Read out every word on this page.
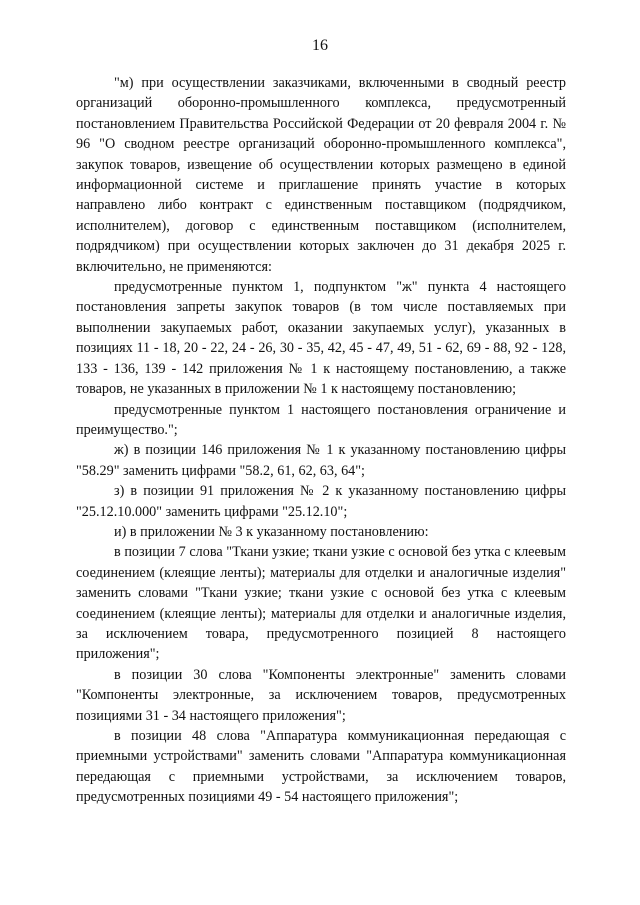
16

"м) при осуществлении заказчиками, включенными в сводный реестр организаций оборонно-промышленного комплекса, предусмотренный постановлением Правительства Российской Федерации от 20 февраля 2004 г. № 96 "О сводном реестре организаций оборонно-промышленного комплекса", закупок товаров, извещение об осуществлении которых размещено в единой информационной системе и приглашение принять участие в которых направлено либо контракт с единственным поставщиком (подрядчиком, исполнителем), договор с единственным поставщиком (исполнителем, подрядчиком) при осуществлении которых заключен до 31 декабря 2025 г. включительно, не применяются:

предусмотренные пунктом 1, подпунктом "ж" пункта 4 настоящего постановления запреты закупок товаров (в том числе поставляемых при выполнении закупаемых работ, оказании закупаемых услуг), указанных в позициях 11 - 18, 20 - 22, 24 - 26, 30 - 35, 42, 45 - 47, 49, 51 - 62, 69 - 88, 92 - 128, 133 - 136, 139 - 142 приложения № 1 к настоящему постановлению, а также товаров, не указанных в приложении № 1 к настоящему постановлению;

предусмотренные пунктом 1 настоящего постановления ограничение и преимущество.";

ж) в позиции 146 приложения № 1 к указанному постановлению цифры "58.29" заменить цифрами "58.2, 61, 62, 63, 64";

з) в позиции 91 приложения № 2 к указанному постановлению цифры "25.12.10.000" заменить цифрами "25.12.10";

и) в приложении № 3 к указанному постановлению:

в позиции 7 слова "Ткани узкие; ткани узкие с основой без утка с клеевым соединением (клеящие ленты); материалы для отделки и аналогичные изделия" заменить словами "Ткани узкие; ткани узкие с основой без утка с клеевым соединением (клеящие ленты); материалы для отделки и аналогичные изделия, за исключением товара, предусмотренного позицией 8 настоящего приложения";

в позиции 30 слова "Компоненты электронные" заменить словами "Компоненты электронные, за исключением товаров, предусмотренных позициями 31 - 34 настоящего приложения";

в позиции 48 слова "Аппаратура коммуникационная передающая с приемными устройствами" заменить словами "Аппаратура коммуникационная передающая с приемными устройствами, за исключением товаров, предусмотренных позициями 49 - 54 настоящего приложения";
